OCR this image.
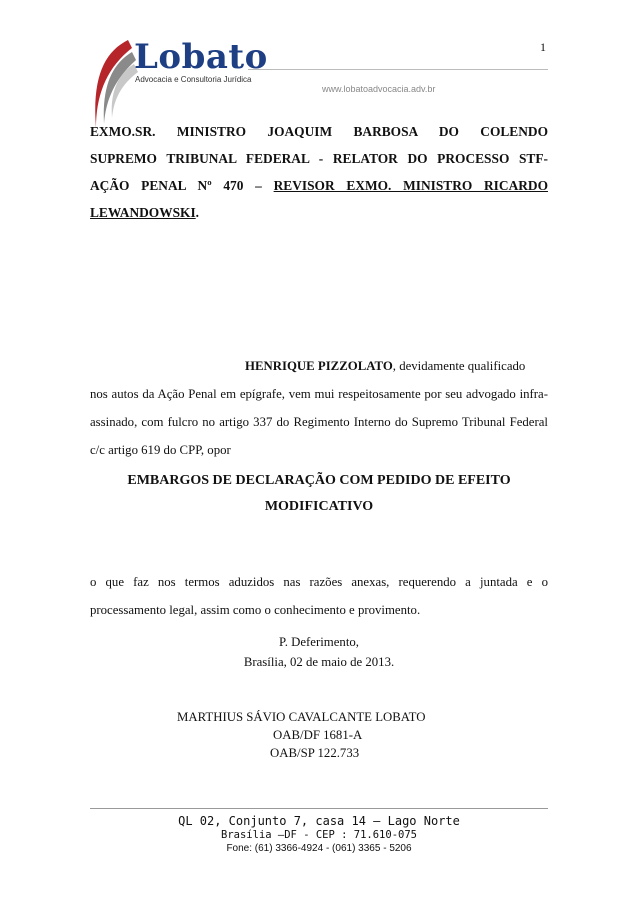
1
Lobato
Advocacia e Consultoria Jurídica
www.lobatoadvocacia.adv.br
EXMO.SR. MINISTRO JOAQUIM BARBOSA DO COLENDO
SUPREMO TRIBUNAL FEDERAL - RELATOR DO PROCESSO STF-
AÇÃO PENAL Nº 470 – REVISOR EXMO. MINISTRO RICARDO
LEWANDOWSKI.
HENRIQUE PIZZOLATO, devidamente qualificado
nos autos da Ação Penal em epígrafe, vem mui respeitosamente por seu advogado infra-
assinado, com fulcro no artigo 337 do Regimento Interno do Supremo Tribunal Federal
c/c artigo 619 do CPP, opor
EMBARGOS DE DECLARAÇÃO COM PEDIDO DE EFEITO
MODIFICATIVO
o que faz nos termos aduzidos nas razões anexas, requerendo a juntada e o
processamento legal, assim como o conhecimento e provimento.
P. Deferimento,
Brasília, 02 de maio de 2013.
MARTHIUS SÁVIO CAVALCANTE LOBATO
OAB/DF 1681-A
OAB/SP 122.733
QL 02, Conjunto 7, casa 14 – Lago Norte
Brasília –DF - CEP : 71.610-075
Fone: (61) 3366-4924 - (061) 3365 - 5206
